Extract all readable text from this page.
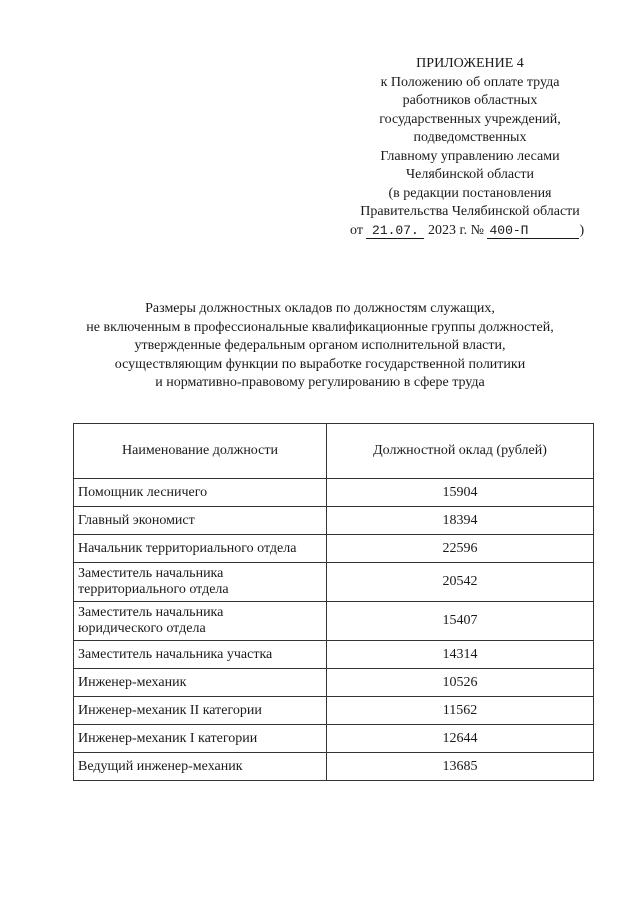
ПРИЛОЖЕНИЕ 4
к Положению об оплате труда
работников областных
государственных учреждений,
подведомственных
Главному управлению лесами
Челябинской области
(в редакции постановления
Правительства Челябинской области
от 21.07. 2023 г. № 400-П	)
Размеры должностных окладов по должностям служащих,
не включенным в профессиональные квалификационные группы должностей,
утвержденные федеральным органом исполнительной власти,
осуществляющим функции по выработке государственной политики
и нормативно-правовому регулированию в сфере труда
Наименование должности	Должностной оклад (рублей)
Помощник лесничего	15904
Главный экономист	18394
Начальник территориального отдела	22596
Заместитель начальника
территориального отдела	20542
Заместитель начальника
юридического отдела	15407
Заместитель начальника участка	14314
Инженер-механик	10526
Инженер-механик II категории	11562
Инженер-механик I категории	12644
Ведущий инженер-механик	13685
